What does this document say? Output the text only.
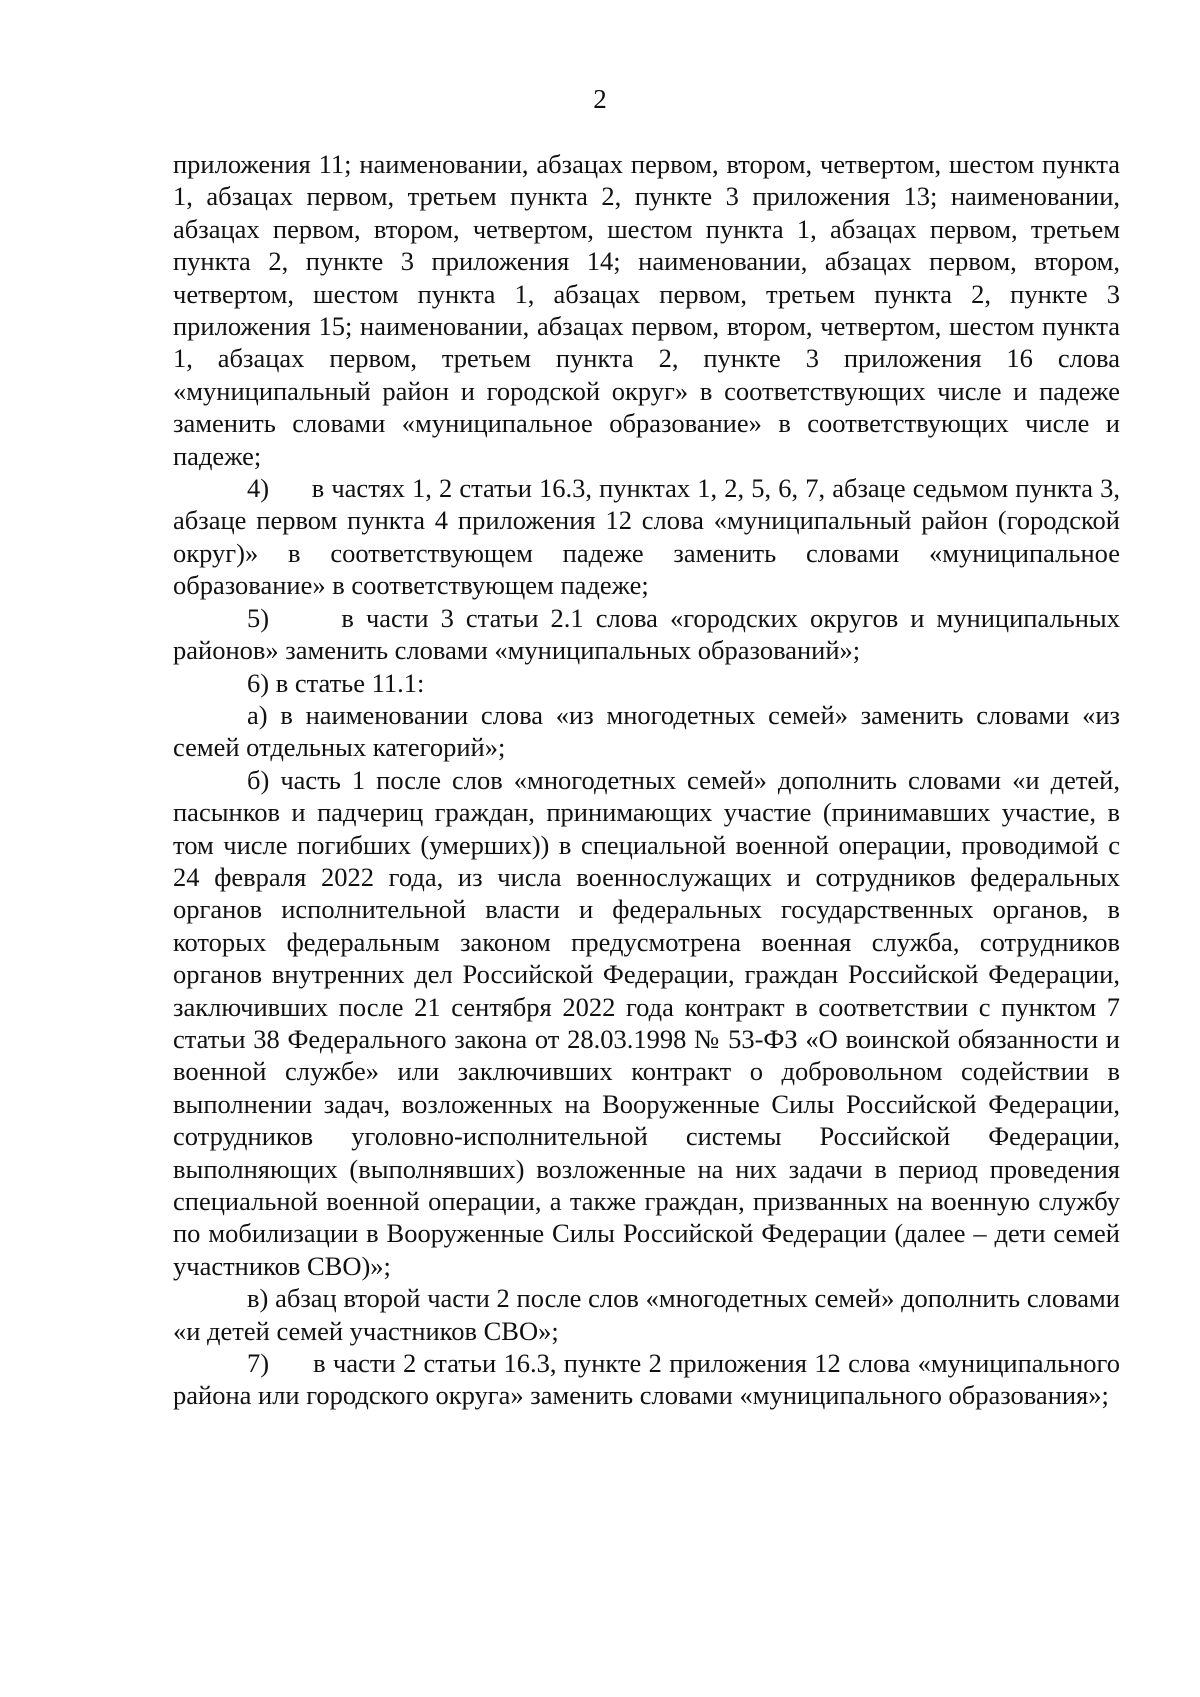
2

приложения 11; наименовании, абзацах первом, втором, четвертом, шестом пункта 1, абзацах первом, третьем пункта 2, пункте 3 приложения 13; наименовании, абзацах первом, втором, четвертом, шестом пункта 1, абзацах первом, третьем пункта 2, пункте 3 приложения 14; наименовании, абзацах первом, втором, четвертом, шестом пункта 1, абзацах первом, третьем пункта 2, пункте 3 приложения 15; наименовании, абзацах первом, втором, четвертом, шестом пункта 1, абзацах первом, третьем пункта 2, пункте 3 приложения 16 слова «муниципальный район и городской округ» в соответствующих числе и падеже заменить словами «муниципальное образование» в соответствующих числе и падеже;

4)      в частях 1, 2 статьи 16.3, пунктах 1, 2, 5, 6, 7, абзаце седьмом пункта 3, абзаце первом пункта 4 приложения 12 слова «муниципальный район (городской округ)» в соответствующем падеже заменить словами «муниципальное образование» в соответствующем падеже;

5)      в части 3 статьи 2.1 слова «городских округов и муниципальных районов» заменить словами «муниципальных образований»;

6) в статье 11.1:

а) в наименовании слова «из многодетных семей» заменить словами «из семей отдельных категорий»;

б) часть 1 после слов «многодетных семей» дополнить словами «и детей, пасынков и падчериц граждан, принимающих участие (принимавших участие, в том числе погибших (умерших)) в специальной военной операции, проводимой с 24 февраля 2022 года, из числа военнослужащих и сотрудников федеральных органов исполнительной власти и федеральных государственных органов, в которых федеральным законом предусмотрена военная служба, сотрудников органов внутренних дел Российской Федерации, граждан Российской Федерации, заключивших после 21 сентября 2022 года контракт в соответствии с пунктом 7 статьи 38 Федерального закона от 28.03.1998 № 53-ФЗ «О воинской обязанности и военной службе» или заключивших контракт о добровольном содействии в выполнении задач, возложенных на Вооруженные Силы Российской Федерации, сотрудников уголовно-исполнительной системы Российской Федерации, выполняющих (выполнявших) возложенные на них задачи в период проведения специальной военной операции, а также граждан, призванных на военную службу по мобилизации в Вооруженные Силы Российской Федерации (далее – дети семей участников СВО)»;

в) абзац второй части 2 после слов «многодетных семей» дополнить словами «и детей семей участников СВО»;

7)      в части 2 статьи 16.3, пункте 2 приложения 12 слова «муниципального района или городского округа» заменить словами «муниципального образования»;
